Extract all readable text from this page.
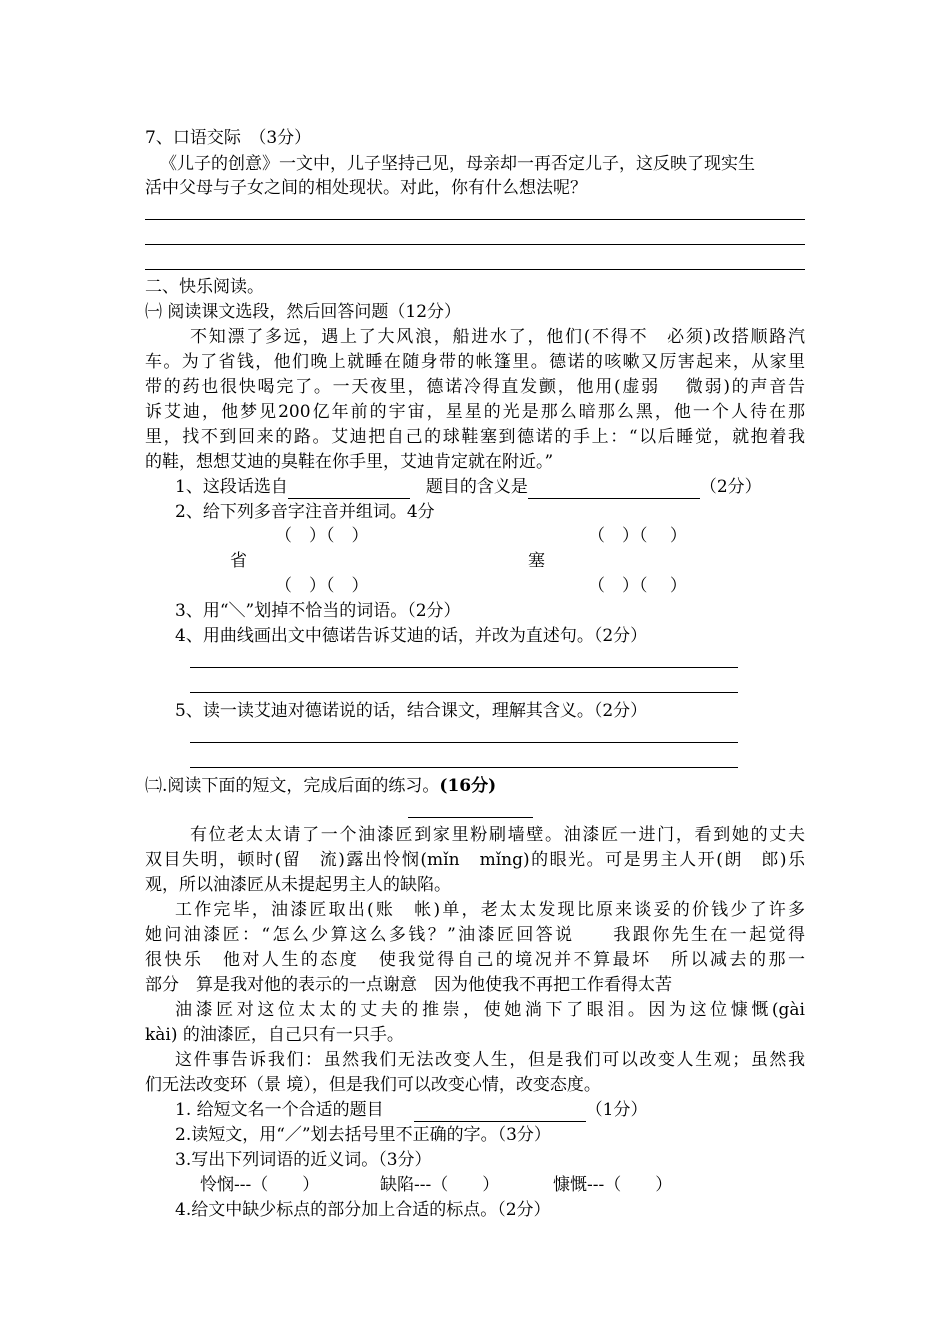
7、口语交际　（3分）
《儿子的创意》一文中，儿子坚持己见，母亲却一再否定儿子，这反映了现实生
活中父母与子女之间的相处现状。对此，你有什么想法呢？
二、快乐阅读。
㈠ 阅读课文选段，然后回答问题（12分）
不知漂了多远，遇上了大风浪，船进水了，他们(不得不　必须)改搭顺路汽
车。为了省钱，他们晚上就睡在随身带的帐篷里。德诺的咳嗽又厉害起来，从家里
带的药也很快喝完了。一天夜里，德诺冷得直发颤，他用(虚弱　 微弱)的声音告
诉艾迪，他梦见200亿年前的宇宙，星星的光是那么暗那么黑，他一个人待在那
里，找不到回来的路。艾迪把自己的球鞋塞到德诺的手上：“以后睡觉，就抱着我
的鞋，想想艾迪的臭鞋在你手里，艾迪肯定就在附近。”
1、这段话选自	题目的含义是	（2分）
2、给下列多音字注音并组词。4分
（　）（　）	（　）（　 ）
省	塞
（　）（　）	（　）（　 ）
3、用“＼”划掉不恰当的词语。（2分）
4、用曲线画出文中德诺告诉艾迪的话，并改为直述句。（2分）
5、读一读艾迪对德诺说的话，结合课文，理解其含义。（2分）
㈡.阅读下面的短文，完成后面的练习。(16分)
有位老太太请了一个油漆匠到家里粉刷墙壁。油漆匠一进门，看到她的丈夫
双目失明，顿时(留　流)露出怜悯(mǐn　mǐng)的眼光。可是男主人开(朗　郎)乐
观，所以油漆匠从未提起男主人的缺陷。
工作完毕，油漆匠取出(账　帐)单，老太太发现比原来谈妥的价钱少了许多
她问油漆匠：“怎么少算这么多钱？”油漆匠回答说　　我跟你先生在一起觉得
很快乐　他对人生的态度　使我觉得自己的境况并不算最坏　所以减去的那一
部分　算是我对他的表示的一点谢意　因为他使我不再把工作看得太苦
油漆匠对这位太太的丈夫的推崇，使她淌下了眼泪。因为这位慷慨(gài
kài) 的油漆匠，自己只有一只手。
这件事告诉我们：虽然我们无法改变人生，但是我们可以改变人生观；虽然我
们无法改变环（景 境），但是我们可以改变心情，改变态度。
1. 给短文名一个合适的题目	（1分）
2.读短文，用“／”划去括号里不正确的字。（3分）
3.写出下列词语的近义词。（3分）
怜悯---（　　）	缺陷---（　　）	慷慨---（　　）
4.给文中缺少标点的部分加上合适的标点。（2分）
